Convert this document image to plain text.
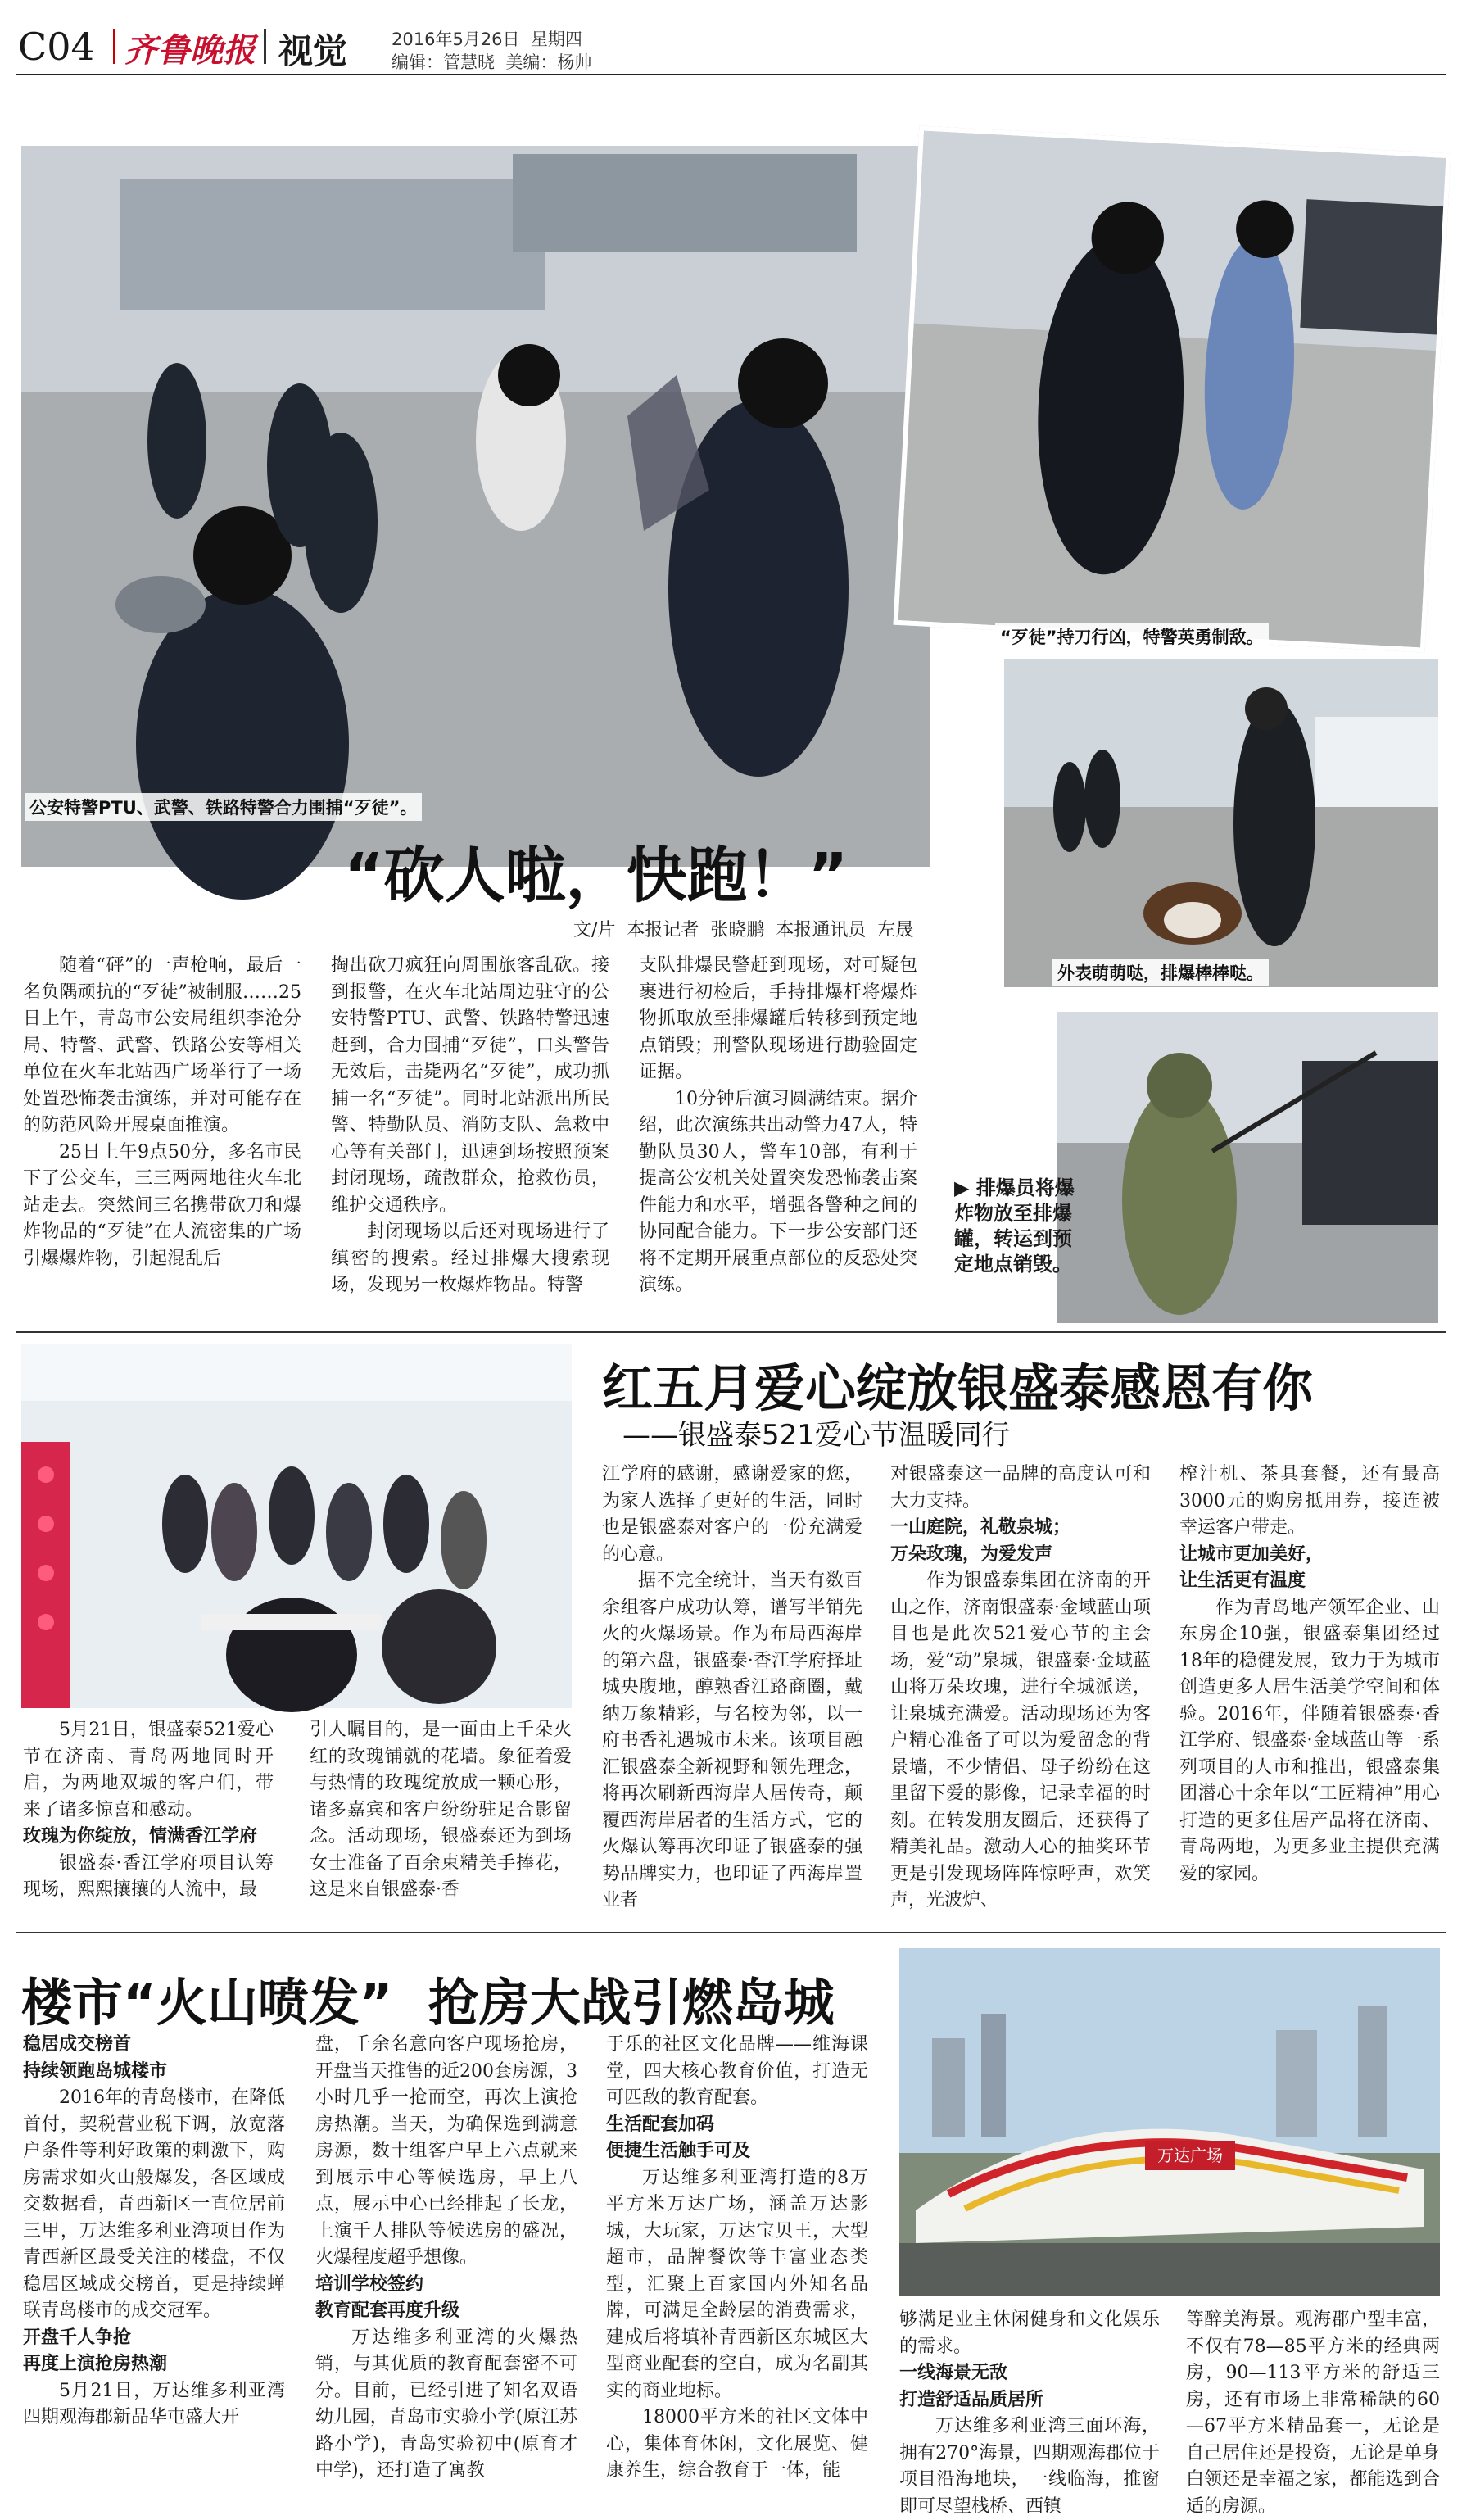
C04 齐鲁晚报 视觉	2016年5月26日 星期四
编辑：管慧晓 美编：杨帅
公安特警PTU、武警、铁路特警合力围捕“歹徒”。
“歹徒”持刀行凶，特警英勇制敌。
外表萌萌哒，排爆棒棒哒。
▶ 排爆员将爆炸物放至排爆罐，转运到预定地点销毁。
“砍人啦，快跑！”
文/片  本报记者  张晓鹏  本报通讯员  左晟

随着“砰”的一声枪响，最后一名负隅顽抗的“歹徒”被制服……25日上午，青岛市公安局组织李沧分局、特警、武警、铁路公安等相关单位在火车北站西广场举行了一场处置恐怖袭击演练，并对可能存在的防范风险开展桌面推演。

25日上午9点50分，多名市民下了公交车，三三两两地往火车北站走去。突然间三名携带砍刀和爆炸物品的“歹徒”在人流密集的广场引爆爆炸物，引起混乱后

掏出砍刀疯狂向周围旅客乱砍。接到报警，在火车北站周边驻守的公安特警PTU、武警、铁路特警迅速赶到，合力围捕“歹徒”，口头警告无效后，击毙两名“歹徒”，成功抓捕一名“歹徒”。同时北站派出所民警、特勤队员、消防支队、急救中心等有关部门，迅速到场按照预案封闭现场，疏散群众，抢救伤员，维护交通秩序。

封闭现场以后还对现场进行了缜密的搜索。经过排爆大搜索现场，发现另一枚爆炸物品。特警

支队排爆民警赶到现场，对可疑包裹进行初检后，手持排爆杆将爆炸物抓取放至排爆罐后转移到预定地点销毁；刑警队现场进行勘验固定证据。

10分钟后演习圆满结束。据介绍，此次演练共出动警力47人，特勤队员30人，警车10部，有利于提高公安机关处置突发恐怖袭击案件能力和水平，增强各警种之间的协同配合能力。下一步公安部门还将不定期开展重点部位的反恐处突演练。

红五月爱心绽放银盛泰感恩有你
——银盛泰521爱心节温暖同行

5月21日，银盛泰521爱心节在济南、青岛两地同时开启，为两地双城的客户们，带来了诸多惊喜和感动。

玫瑰为你绽放，情满香江学府

银盛泰·香江学府项目认筹现场，熙熙攘攘的人流中，最

引人瞩目的，是一面由上千朵火红的玫瑰铺就的花墙。象征着爱与热情的玫瑰绽放成一颗心形，诸多嘉宾和客户纷纷驻足合影留念。活动现场，银盛泰还为到场女士准备了百余束精美手捧花，这是来自银盛泰·香

江学府的感谢，感谢爱家的您，为家人选择了更好的生活，同时也是银盛泰对客户的一份充满爱的心意。

据不完全统计，当天有数百余组客户成功认筹，谱写半销先火的火爆场景。作为布局西海岸的第六盘，银盛泰·香江学府择址城央腹地，醇熟香江路商圈，戴纳万象精彩，与名校为邻，以一府书香礼遇城市未来。该项目融汇银盛泰全新视野和领先理念，将再次刷新西海岸人居传奇，颠覆西海岸居者的生活方式，它的火爆认筹再次印证了银盛泰的强势品牌实力，也印证了西海岸置业者

对银盛泰这一品牌的高度认可和大力支持。

一山庭院，礼敬泉城；

万朵玫瑰，为爱发声

作为银盛泰集团在济南的开山之作，济南银盛泰·金域蓝山项目也是此次521爱心节的主会场，爱“动”泉城，银盛泰·金域蓝山将万朵玫瑰，进行全城派送，让泉城充满爱。活动现场还为客户精心准备了可以为爱留念的背景墙，不少情侣、母子纷纷在这里留下爱的影像，记录幸福的时刻。在转发朋友圈后，还获得了精美礼品。激动人心的抽奖环节更是引发现场阵阵惊呼声，欢笑声，光波炉、

榨汁机、茶具套餐，还有最高3000元的购房抵用券，接连被幸运客户带走。

让城市更加美好，

让生活更有温度

作为青岛地产领军企业、山东房企10强，银盛泰集团经过18年的稳健发展，致力于为城市创造更多人居生活美学空间和体验。2016年，伴随着银盛泰·香江学府、银盛泰·金域蓝山等一系列项目的人市和推出，银盛泰集团潜心十余年以“工匠精神”用心打造的更多住居产品将在济南、青岛两地，为更多业主提供充满爱的家园。

楼市“火山喷发”  抢房大战引燃岛城
万达广场

稳居成交榜首

持续领跑岛城楼市

2016年的青岛楼市，在降低首付，契税营业税下调，放宽落户条件等利好政策的刺激下，购房需求如火山般爆发，各区域成交数据看，青西新区一直位居前三甲，万达维多利亚湾项目作为青西新区最受关注的楼盘，不仅稳居区域成交榜首，更是持续蝉联青岛楼市的成交冠军。

开盘千人争抢

再度上演抢房热潮

5月21日，万达维多利亚湾四期观海郡新品华屯盛大开

盘，千余名意向客户现场抢房，开盘当天推售的近200套房源，3小时几乎一抢而空，再次上演抢房热潮。当天，为确保选到满意房源，数十组客户早上六点就来到展示中心等候选房，早上八点，展示中心已经排起了长龙，上演千人排队等候选房的盛况，火爆程度超乎想像。

培训学校签约

教育配套再度升级

万达维多利亚湾的火爆热销，与其优质的教育配套密不可分。目前，已经引进了知名双语幼儿园，青岛市实验小学(原江苏路小学)，青岛实验初中(原育才中学)，还打造了寓教

于乐的社区文化品牌——维海课堂，四大核心教育价值，打造无可匹敌的教育配套。

生活配套加码

便捷生活触手可及

万达维多利亚湾打造的8万平方米万达广场，涵盖万达影城，大玩家，万达宝贝王，大型超市，品牌餐饮等丰富业态类型，汇聚上百家国内外知名品牌，可满足全龄层的消费需求，建成后将填补青西新区东城区大型商业配套的空白，成为名副其实的商业地标。

18000平方米的社区文体中心，集体育休闲，文化展览、健康养生，综合教育于一体，能

够满足业主休闲健身和文化娱乐的需求。

一线海景无敌

打造舒适品质居所

万达维多利亚湾三面环海，拥有270°海景，四期观海郡位于项目沿海地块，一线临海，推窗即可尽望栈桥、西镇

等醉美海景。观海郡户型丰富，不仅有78—85平方米的经典两房，90—113平方米的舒适三房，还有市场上非常稀缺的60—67平方米精品套一，无论是自己居住还是投资，无论是单身白领还是幸福之家，都能选到合适的房源。
